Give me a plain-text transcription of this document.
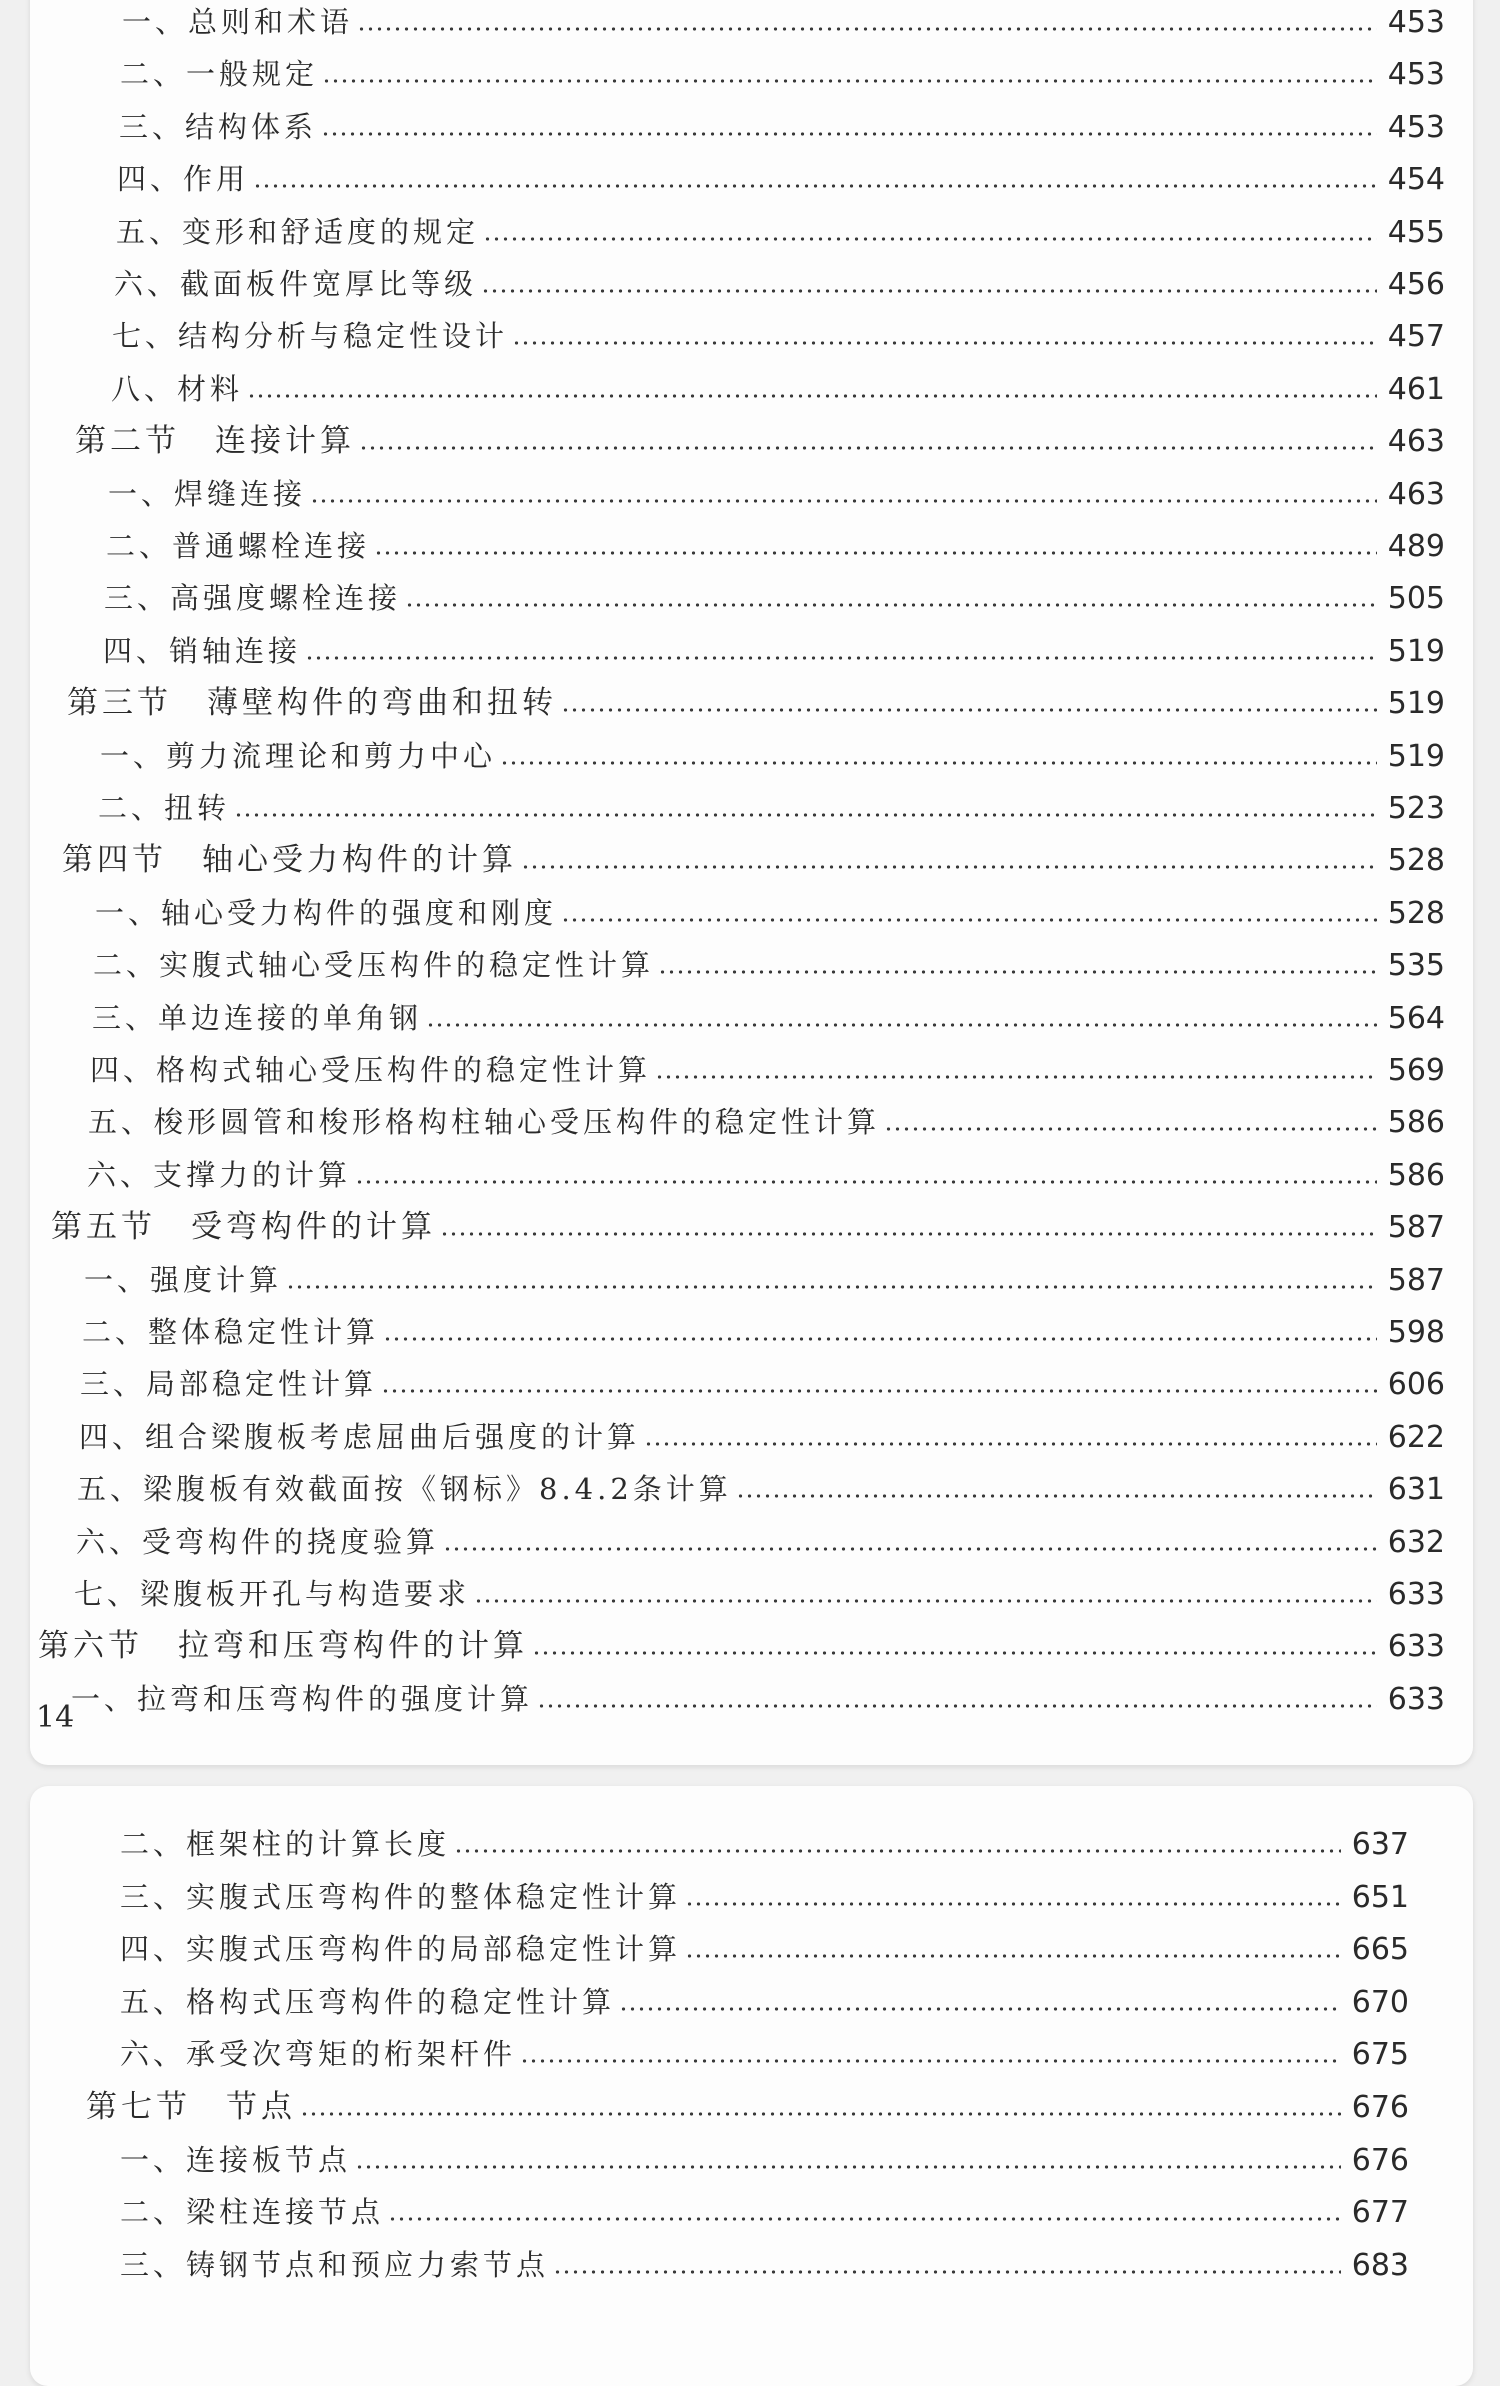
一、总则和术语	453
二、一般规定	453
三、结构体系	453
四、作用	454
五、变形和舒适度的规定	455
六、截面板件宽厚比等级	456
七、结构分析与稳定性设计	457
八、材料	461
第二节　连接计算	463
一、焊缝连接	463
二、普通螺栓连接	489
三、高强度螺栓连接	505
四、销轴连接	519
第三节　薄壁构件的弯曲和扭转	519
一、剪力流理论和剪力中心	519
二、扭转	523
第四节　轴心受力构件的计算	528
一、轴心受力构件的强度和刚度	528
二、实腹式轴心受压构件的稳定性计算	535
三、单边连接的单角钢	564
四、格构式轴心受压构件的稳定性计算	569
五、梭形圆管和梭形格构柱轴心受压构件的稳定性计算	586
六、支撑力的计算	586
第五节　受弯构件的计算	587
一、强度计算	587
二、整体稳定性计算	598
三、局部稳定性计算	606
四、组合梁腹板考虑屈曲后强度的计算	622
五、梁腹板有效截面按《钢标》8.4.2条计算	631
六、受弯构件的挠度验算	632
七、梁腹板开孔与构造要求	633
第六节　拉弯和压弯构件的计算	633
一、拉弯和压弯构件的强度计算	633
14
二、框架柱的计算长度	637
三、实腹式压弯构件的整体稳定性计算	651
四、实腹式压弯构件的局部稳定性计算	665
五、格构式压弯构件的稳定性计算	670
六、承受次弯矩的桁架杆件	675
第七节　节点	676
一、连接板节点	676
二、梁柱连接节点	677
三、铸钢节点和预应力索节点	683
